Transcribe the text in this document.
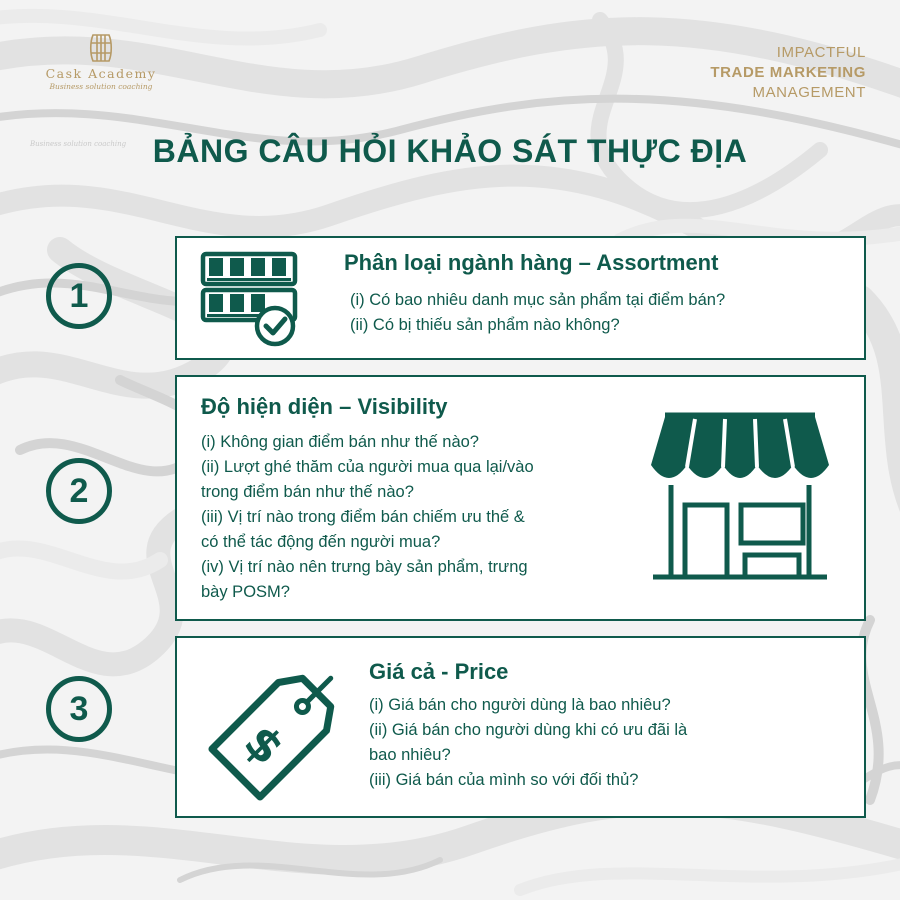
Cask Academy
Business solution coaching
Business solution coaching
IMPACTFUL
TRADE MARKETING
MANAGEMENT
BẢNG CÂU HỎI KHẢO SÁT THỰC ĐỊA
1
Phân loại ngành hàng – Assortment
(i) Có bao nhiêu danh mục sản phẩm tại điểm bán?
(ii) Có bị thiếu sản phẩm nào không?
2
Độ hiện diện – Visibility
(i) Không gian điểm bán như thế nào?
(ii) Lượt ghé thăm của người mua qua lại/vào
trong điểm bán như thế nào?
(iii) Vị trí nào trong điểm bán chiếm ưu thế &
có thể tác động đến người mua?
(iv) Vị trí nào nên trưng bày sản phẩm, trưng
bày POSM?
3
$
Giá cả - Price
(i) Giá bán cho người dùng là bao nhiêu?
(ii) Giá bán cho người dùng khi có ưu đãi là
bao nhiêu?
(iii) Giá bán của mình so với đối thủ?
